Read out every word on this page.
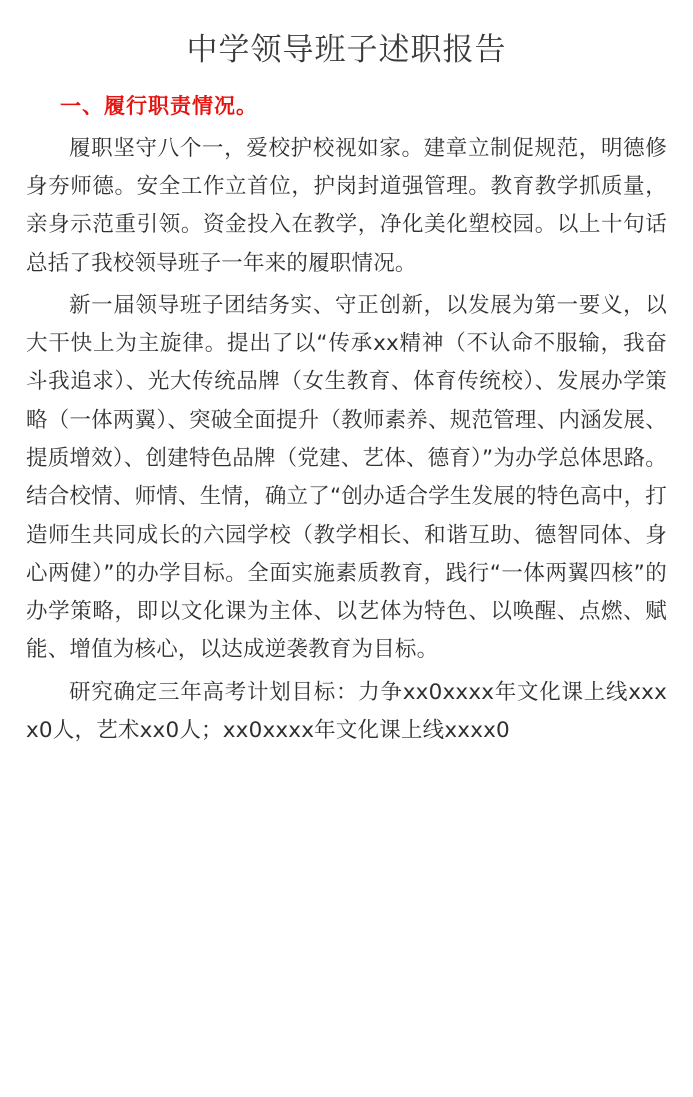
中学领导班子述职报告
一、履行职责情况。

履职坚守八个一，爱校护校视如家。建章立制促规范，明德修身夯师德。安全工作立首位，护岗封道强管理。教育教学抓质量，亲身示范重引领。资金投入在教学，净化美化塑校园。以上十句话总括了我校领导班子一年来的履职情况。

新一届领导班子团结务实、守正创新，以发展为第一要义，以大干快上为主旋律。提出了以“传承xx精神（不认命不服输，我奋斗我追求）、光大传统品牌（女生教育、体育传统校）、发展办学策略（一体两翼）、突破全面提升（教师素养、规范管理、内涵发展、提质增效）、创建特色品牌（党建、艺体、德育）”为办学总体思路。结合校情、师情、生情，确立了“创办适合学生发展的特色高中，打造师生共同成长的六园学校（教学相长、和谐互助、德智同体、身心两健）”的办学目标。全面实施素质教育，践行“一体两翼四核”的办学策略，即以文化课为主体、以艺体为特色、以唤醒、点燃、赋能、增值为核心，以达成逆袭教育为目标。

研究确定三年高考计划目标：力争xx0xxxx年文化课上线xxxx0人，艺术xx0人；xx0xxxx年文化课上线xxxx0
